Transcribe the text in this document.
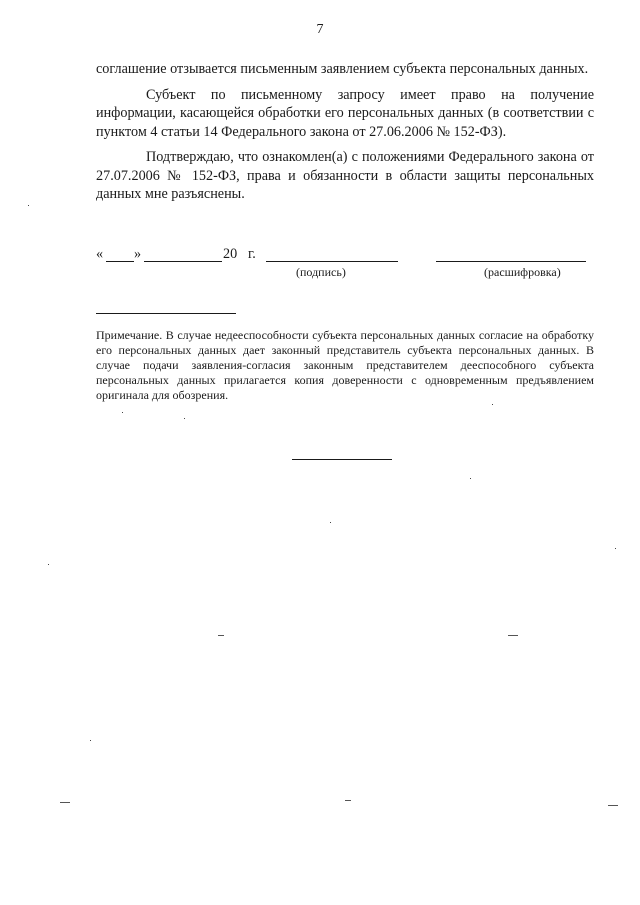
7

соглашение отзывается письменным заявлением субъекта персональных данных.

Субъект по письменному запросу имеет право на получение информации, касающейся обработки его персональных данных (в соответствии с пунктом 4 статьи 14 Федерального закона от 27.06.2006 № 152-ФЗ).

Подтверждаю, что ознакомлен(а) с положениями Федерального закона от 27.07.2006 № 152-ФЗ, права и обязанности в области защиты персональных данных мне разъяснены.

« »	20 г.
(подпись)	(расшифровка)
Примечание. В случае недееспособности субъекта персональных данных согласие на обработку его персональных данных дает законный представитель субъекта персональных данных. В случае подачи заявления-согласия законным представителем дееспособного субъекта персональных данных прилагается копия доверенности с одновременным предъявлением оригинала для обозрения.
